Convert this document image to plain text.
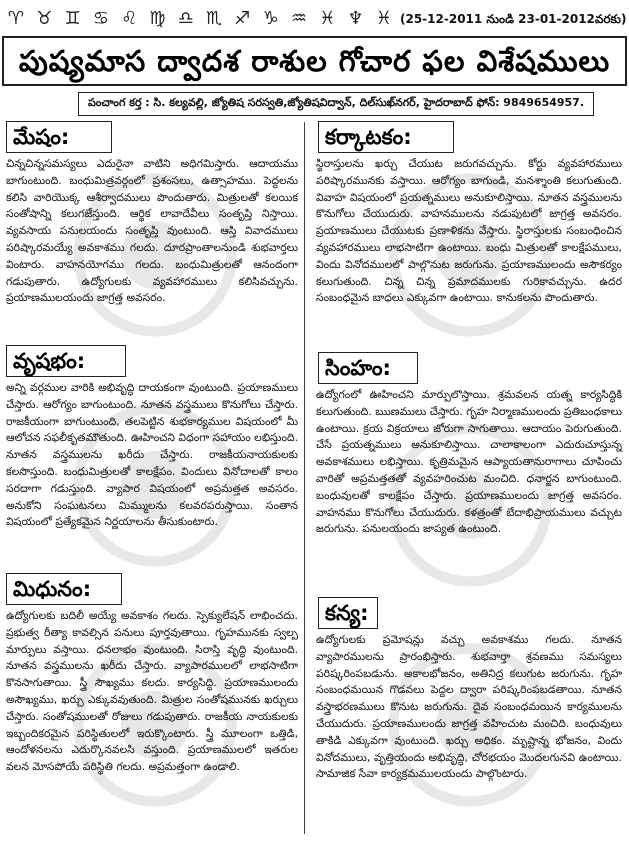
♈ ♉ ♊ ♋ ♌ ♍ ♎ ♏ ♐ ♑ ♒ ♓ ♆ ♓ (25-12-2011 నుండి 23-01-2012వరకు)
పుష్యమాస ద్వాదశ రాశుల గోచార ఫల విశేషములు
పంచాంగ కర్త : సి. కల్యవల్లి, జ్యోతిష సరస్వతి,జ్యోతిషవిద్వాన్, దిల్‌సుఖ్‌నగర్, హైదరాబాద్ ఫోన్: 9849654957.
మేషం:
చిన్నచిన్నసమస్యలు ఎదురైనా వాటిని అధిగమిస్తారు. ఆదాయము బాగుంటుంది. బంధుమిత్రవర్గంలో ప్రశంసలు, ఉత్సాహము. పెద్దలను కలిసి వారియొక్క ఆశీర్వాదములు పొందుతారు. మిత్రులతో కలయిక సంతోషాన్ని కలుగజేస్తుంది. ఆర్థిక లావాదేవీలు సంతృప్తి నిస్తాయి. వ్యవసాయ పనులయందు సంతృప్తి వుంటుంది. ఆస్తి వివాదములు పరిష్కారమయ్యే అవకాశము గలదు. దూరప్రాంతాలనుండి శుభవార్తలు వింటారు. వాహనయోగము గలదు. బంధుమిత్రులతో ఆనందంగా గడుపుతారు. ఉద్యోగులకు వ్యవహారములు కలిసివచ్చును. ప్రయాణములయందు జాగ్రత్త అవసరం.
వృషభం:
అన్ని వర్గముల వారికి అభివృద్ధి దాయకంగా వుంటుంది. ప్రయాణములు చేస్తారు. ఆరోగ్యం బాగుంటుంది. నూతన వస్త్రములు కొనుగోలు చేస్తారు. రాజకీయంగా బాగుంటుంది, తలపెట్టిన శుభకార్యముల విషయంలో మీ ఆలోచన సఫలీకృతమౌతుంది. ఊహించని విధంగా సహాయం లభిస్తుంది. నూతన వస్త్రములను ఖరీదు చేస్తారు. రాజకీయనాయకులకు కలసొస్తుంది. బంధుమిత్రులతో కాలక్షేపం. విందులు వినోదాలతో కాలం సరదాగా గడుస్తుంది. వ్యాపార విషయంలో అప్రమత్తత అవసరం. అనుకోని సంఘటనలు మిమ్ములను కలవరపరుస్తాయి. సంతాన విషయంలో ప్రత్యేకమైన నిర్ణయాలను తీసుకుంటారు.
మిధునం:
ఉద్యోగులకు బదిలీ అయ్యే అవకాశం గలదు. స్పెక్యులేషన్ లాభించదు. ప్రభుత్వ రీత్యా కావల్సిన పనులు పూర్తవుతాయి. గృహమునకు స్వల్ప మార్పులు వస్తాయి. ధనలాభం వుంటుంది. సిరాస్తి వృద్ధి వుంటుంది. నూతన వస్త్రములను ఖరీదు చేస్తారు. వ్యాపారములలో లాభసాటిగా కొనసాగుతాయి. స్త్రీ సౌఖ్యము కలదు. కార్యసిద్ధి. ప్రయాణములందు అసౌఖ్యము, ఖర్చు ఎక్కువవుతుంది. మిత్రుల సంతోషమునకు ఖర్చులు చేస్తారు. సంతోషములతో రోజులు గడుపుతారు. రాజకీయ నాయకులకు ఇబ్బందికరమైన పరిస్థితులలో ఇరుక్కొంటారు. స్త్రీ మూలంగా ఒత్తిడి, ఆందోళనలను ఎదుర్కొనవలసి వస్తుంది. ప్రయాణములలో ఇతరుల వలన మోసపోయే పరిస్థితి గలదు. అప్రమత్తంగా ఉండాలి.
కర్కాటకం:
స్థిరాస్తులను ఖర్చు చేయుట జరుగవచ్చును. కోర్టు వ్యవహారములు పరిష్కారమునకు వస్తాయి. ఆరోగ్యం బాగుండి, మనశ్శాంతి కలుగుతుంది. వివాహ విషయంలో ప్రయత్నములు అనుకూలిస్తాయి. నూతన వస్త్రములను కొనుగోలు చేయుదురు. వాహనములను నడుపుటలో జాగ్రత్త అవసరం. ప్రయాణములు చేయుటకు ప్రణాళికను వేస్తారు. స్థిరాస్తులకు సంబంధించిన వ్యవహారములు లాభసాటిగా ఉంటాయి. బంధు మిత్రులతో కాలక్షేపములు, విందు వినోదములలో పాల్గొనుట జరుగును. ప్రయాణములందు అసౌకర్యం కలుగుతుంది. చిన్న చిన్న ప్రమాదములకు గురికావచ్చును. ఉదర సంబంధమైన బాధలు ఎక్కువగా ఉంటాయి. కానుకలను పొందుతారు.
సింహం:
ఉద్యోగంలో ఊహించని మార్పులొస్తాయి. శ్రమవలన యత్న కార్యసిద్ధికి కలుగుతుంది. ఋణములు చేస్తారు. గృహ నిర్మాణములందు ప్రతిబంధకాలు ఉంటాయి. క్రయ విక్రయాలు జోరుగా సాగుతాయి. ఆదాయం పెరుగుతుంది. చేసే ప్రయత్నములు అనుకూలిస్తాయి. చాలాకాలంగా ఎదురుచూస్తున్న అవకాశములు లభిస్తాయి. కృత్రిమమైన ఆప్యాయతానురాగాలు చూపించు వారితో అప్రమత్తతతో వ్యవహరించుట మంచిది. ధనార్జన బాగుంటుంది. బంధువులతో కాలక్షేపం చేస్తారు. ప్రయాణములందు జాగ్రత్త అవసరం. వాహనము కొనుగోలు చేయుదురు. కళత్రంతో బేదాభిప్రాయములు వచ్చుట జరుగును. పనులయందు జాప్యత ఉంటుంది.
కన్య:
ఉద్యోగులకు ప్రమోషన్లు వచ్చు అవకాశము గలదు. నూతన వ్యాపారములను ప్రారంభిస్తారు. శుభవార్తా శ్రవణము సమస్యలు పరిష్కరింపబడును. అకాలభోజనం, అతినిద్ర కలుగుట జరుగును. గృహ సంబంధమయిన గొడవలు పెద్దల ద్వారా పరిష్కరింపబడతాయి. నూతన వస్త్రాభరణములు కొనుట జరుగును. దైవ సంబంధమయిన కార్యములను చేయుదురు. ప్రయాణములందు జాగ్రత్త వహించుట మంచిది. బంధువులు తాకిడి ఎక్కువగా వుంటుంది. ఖర్చు అధికం. మృష్టాన్న భోజనం, విందు వినోదములు, వృత్తియందు అభివృద్ధి, చోరభయం మొదలగునవి ఉంటాయి. సామాజిక సేవా కార్యక్రమములయందు పాల్గొంటారు.
